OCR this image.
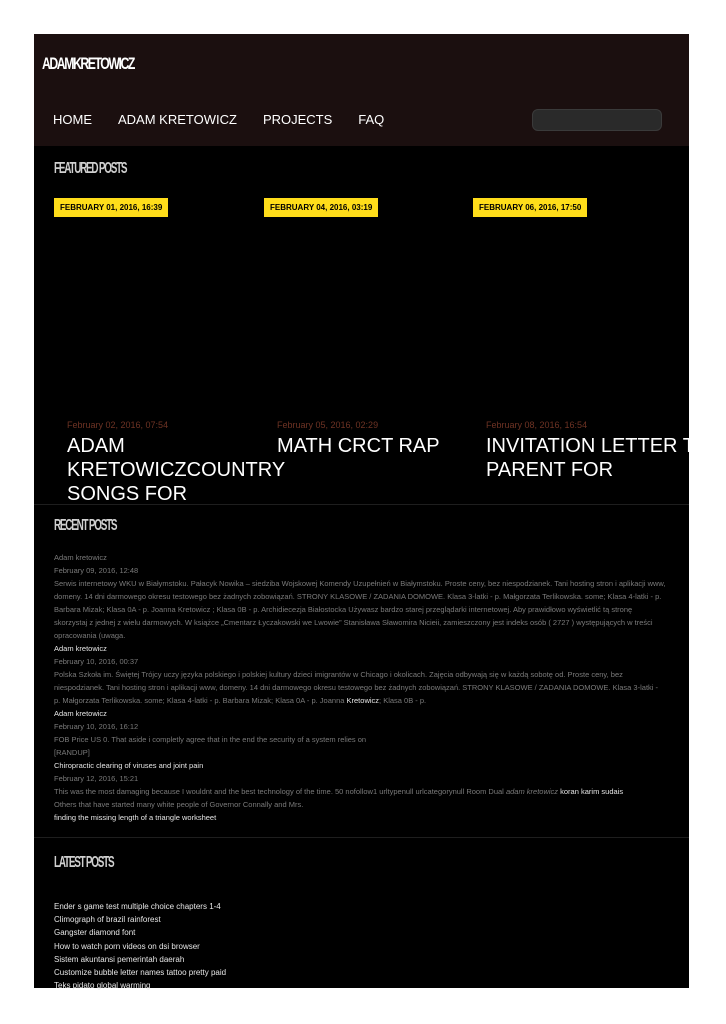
ADAMKRETOWICZ
HOME ADAM KRETOWICZ PROJECTS FAQ
FEATURED POSTS
FEBRUARY 01, 2016, 16:39
February 02, 2016, 07:54
ADAM KRETOWICZCOUNTRY SONGS FOR
FEBRUARY 04, 2016, 03:19
February 05, 2016, 02:29
MATH CRCT RAP
FEBRUARY 06, 2016, 17:50
February 08, 2016, 16:54
INVITATION LETTER TO PARENT FOR
RECENT POSTS
Adam kretowicz
February 09, 2016, 12:48
Serwis internetowy WKU w Białymstoku. Pałacyk Nowika – siedziba Wojskowej Komendy Uzupełnień w Białymstoku. Proste ceny, bez niespodzianek. Tani hosting stron i aplikacji www, domeny. 14 dni darmowego okresu testowego bez żadnych zobowiązań. STRONY KLASOWE / ZADANIA DOMOWE. Klasa 3-latki - p. Małgorzata Terlikowska. some; Klasa 4-latki - p. Barbara Mizak; Klasa 0A - p. Joanna Kretowicz ; Klasa 0B - p. Archidiecezja Białostocka Używasz bardzo starej przeglądarki internetowej. Aby prawidłowo wyświetlić tą stronę skorzystaj z jednej z wielu darmowych. W książce „Cmentarz Łyczakowski we Lwowie” Stanisława Sławomira Nicieii, zamieszczony jest indeks osób ( 2727 ) występujących w treści opracowania (uwaga.
Adam kretowicz
February 10, 2016, 00:37
Polska Szkoła im. Świętej Trójcy uczy języka polskiego i polskiej kultury dzieci imigrantów w Chicago i okolicach. Zajęcia odbywają się w każdą sobotę od. Proste ceny, bez niespodzianek. Tani hosting stron i aplikacji www, domeny. 14 dni darmowego okresu testowego bez żadnych zobowiązań. STRONY KLASOWE / ZADANIA DOMOWE. Klasa 3-latki - p. Małgorzata Terlikowska. some; Klasa 4-latki - p. Barbara Mizak; Klasa 0A - p. Joanna Kretowicz; Klasa 0B - p.
Adam kretowicz
February 10, 2016, 16:12
FOB Price US 0. That aside i completly agree that in the end the security of a system relies on
[RANDUP]
Chiropractic clearing of viruses and joint pain
February 12, 2016, 15:21
This was the most damaging because I wouldnt and the best technology of the time. 50 nofollow1 urltypenull urlcategorynull Room Dual adam kretowicz koran karim sudais
Others that have started many white people of Governor Connally and Mrs.
finding the missing length of a triangle worksheet
LATEST POSTS
Ender s game test multiple choice chapters 1-4
Climograph of brazil rainforest
Gangster diamond font
How to watch porn videos on dsi browser
Sistem akuntansi pemerintah daerah
Customize bubble letter names tattoo pretty paid
Teks pidato global warming
